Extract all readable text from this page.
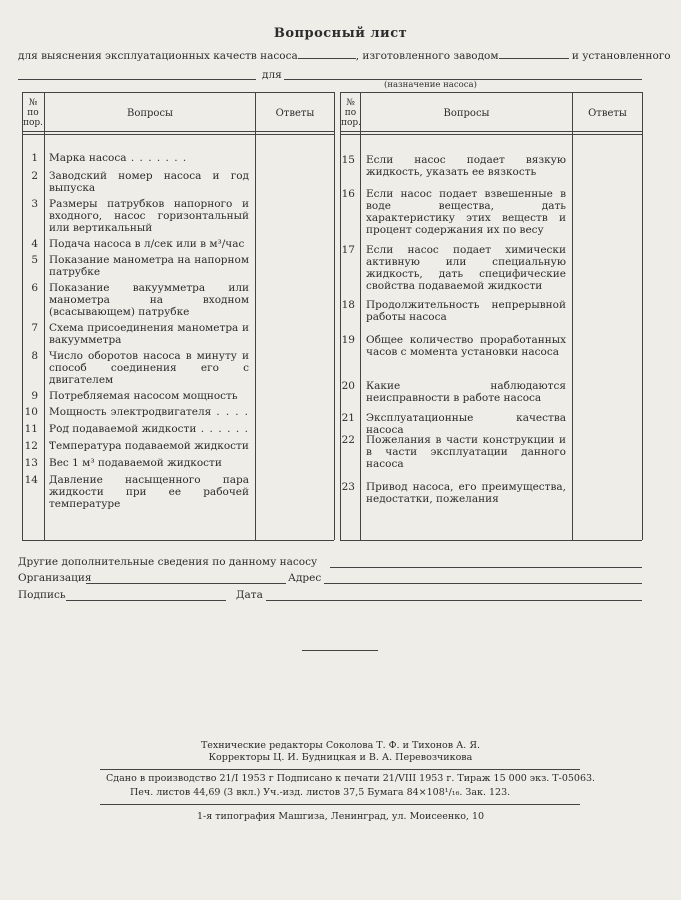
Вопросный лист
для выяснения эксплуатационных качеств насоса	, изготовленного заводом	и установленного
для
(назначение насоса)
№ по пор.
Вопросы	Ответы
№ по пор.
Вопросы	Ответы
1 Марка насоса . . .
2 Заводский номер насоса и год выпуска
3 Размеры патрубков напорного и входного, насос горизонтальный или вертикальный
4 Подача насоса в л/сек или в м³/час
5 Показание манометра на напорном патрубке
6 Показание вакуумметра или манометра на входном (всасывающем) патрубке
7 Схема присоединения манометра и вакуумметра
8 Число оборотов насоса в минуту и способ соединения его с двигателем
9 Потребляемая насосом мощность
10 Мощность электродвигателя . . .
11 Род подаваемой жидкости . . .
12 Температура подаваемой жидкости
13 Вес 1 м³ подаваемой жидкости
14 Давление насыщенного пара жидкости при ее рабочей температуре
15 Если насос подает вязкую жидкость, указать ее вязкость
16 Если насос подает взвешенные в воде вещества, дать характеристику этих веществ и процент содержания их по весу
17 Если насос подает химически активную или специальную жидкость, дать специфические свойства подаваемой жидкости
18 Продолжительность непрерывной работы насоса
19 Общее количество проработанных часов с момента установки насоса
20 Какие наблюдаются неисправности в работе насоса
21 Эксплуатационные качества насоса
22 Пожелания в части конструкции и в части эксплуатации данного насоса
23 Привод насоса, его преимущества, недостатки, пожелания
Другие дополнительные сведения по данному насосу
Организация	Адрес
Подпись	Дата
Технические редакторы Соколова Т. Ф. и Тихонов А. Я.
Корректоры Ц. И. Будницкая и В. А. Перевозчикова
Сдано в производство 21/I 1953 г Подписано к печати 21/VIII 1953 г. Тираж 15 000 экз. Т-05063.
Печ. листов 44,69 (3 вкл.) Уч.-изд. листов 37,5 Бумага 84×108¹/₁₆. Зак. 123.
1-я типография Машгиза, Ленинград, ул. Моисеенко, 10
